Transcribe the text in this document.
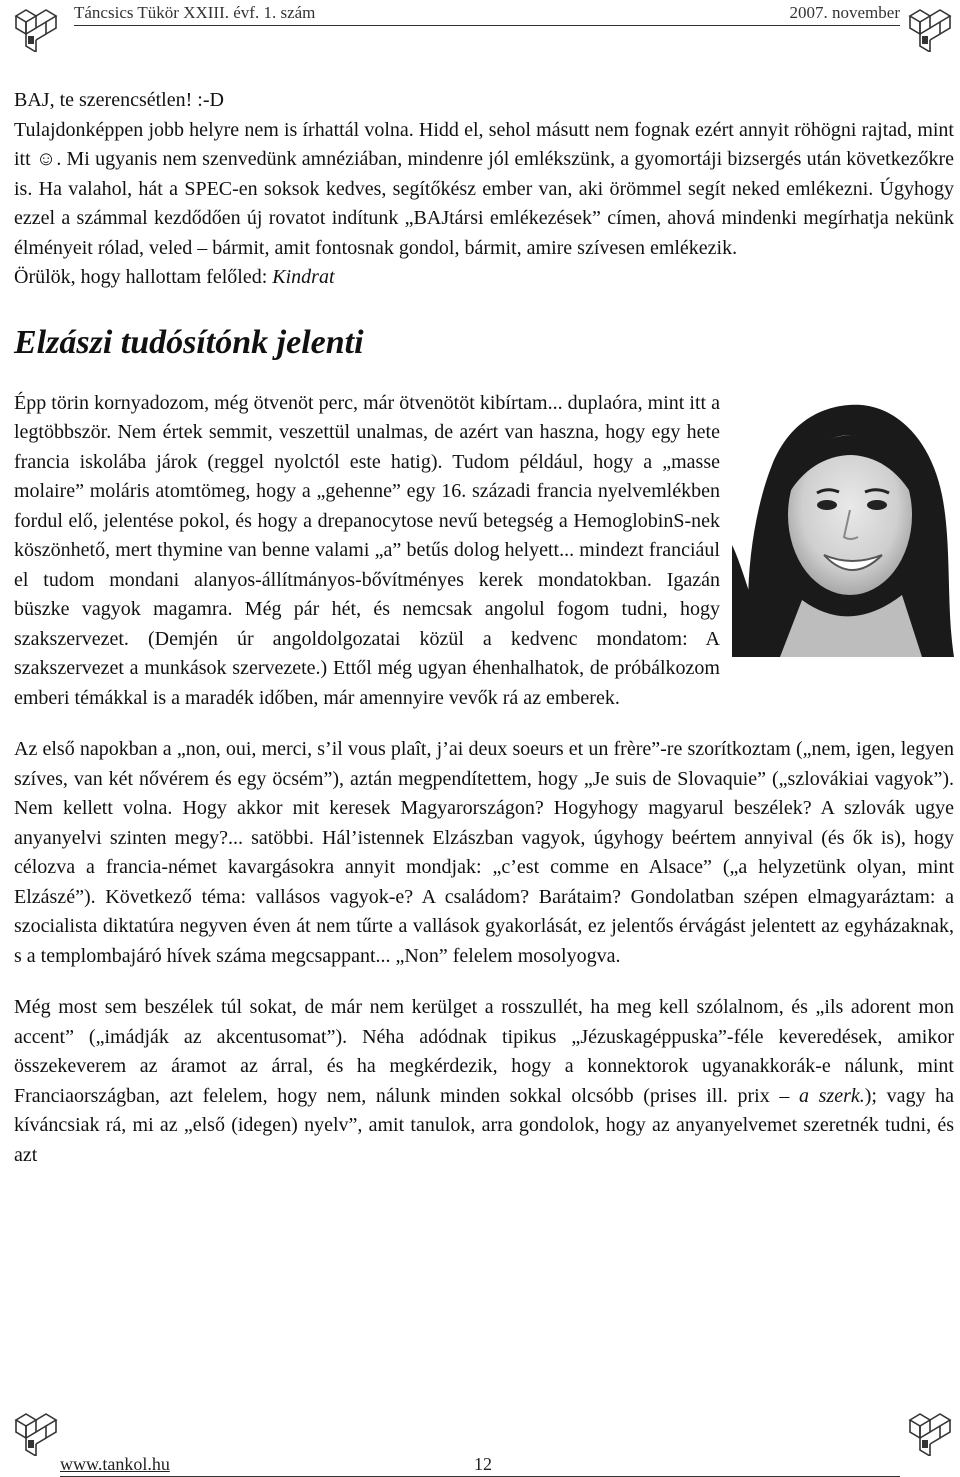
Táncsics Tükör XXIII. évf. 1. szám	2007. november

BAJ, te szerencsétlen! :-D

Tulajdonképpen jobb helyre nem is írhattál volna. Hidd el, sehol másutt nem fognak ezért annyit röhögni rajtad, mint itt ☺. Mi ugyanis nem szenvedünk amnéziában, mindenre jól emlékszünk, a gyomortáji bizsergés után következőkre is. Ha valahol, hát a SPEC-en soksok kedves, segítőkész ember van, aki örömmel segít neked emlékezni. Úgyhogy ezzel a számmal kezdődően új rovatot indítunk „BAJtársi emlékezések” címen, ahová mindenki megírhatja nekünk élményeit rólad, veled – bármit, amit fontosnak gondol, bármit, amire szívesen emlékezik.

Örülök, hogy hallottam felőled: Kindrat

Elzászi tudósítónk jelenti

Épp törin kornyadozom, még ötvenöt perc, már ötvenötöt kibírtam... duplaóra, mint itt a legtöbbször. Nem értek semmit, veszettül unalmas, de azért van haszna, hogy egy hete francia iskolába járok (reggel nyolctól este hatig). Tudom például, hogy a „masse molaire” moláris atomtömeg, hogy a „gehenne” egy 16. századi francia nyelvemlékben fordul elő, jelentése pokol, és hogy a drepanocytose nevű betegség a HemoglobinS-nek köszönhető, mert thymine van benne valami „a” betűs dolog helyett... mindezt franciául el tudom mondani alanyos-állítmányos-bővítményes kerek mondatokban. Igazán büszke vagyok magamra. Még pár hét, és nemcsak angolul fogom tudni, hogy szakszervezet. (Demjén úr angoldolgozatai közül a kedvenc mondatom: A szakszervezet a munkások szervezete.) Ettől még ugyan éhenhalhatok, de próbálkozom emberi témákkal is a maradék időben, már amennyire vevők rá az emberek.

Az első napokban a „non, oui, merci, s’il vous plaît, j’ai deux soeurs et un frère”-re szorítkoztam („nem, igen, legyen szíves, van két nővérem és egy öcsém”), aztán megpendítettem, hogy „Je suis de Slovaquie” („szlovákiai vagyok”). Nem kellett volna. Hogy akkor mit keresek Magyarországon? Hogyhogy magyarul beszélek? A szlovák ugye anyanyelvi szinten megy?... satöbbi. Hál’istennek Elzászban vagyok, úgyhogy beértem annyival (és ők is), hogy célozva a francia-német kavargásokra annyit mondjak: „c’est comme en Alsace” („a helyzetünk olyan, mint Elzászé”). Következő téma: vallásos vagyok-e? A családom? Barátaim? Gondolatban szépen elmagyaráztam: a szocialista diktatúra negyven éven át nem tűrte a vallások gyakorlását, ez jelentős érvágást jelentett az egyházaknak, s a templombajáró hívek száma megcsappant... „Non” felelem mosolyogva.

Még most sem beszélek túl sokat, de már nem kerülget a rosszullét, ha meg kell szólalnom, és „ils adorent mon accent” („imádják az akcentusomat”). Néha adódnak tipikus „Jézuskagéppuska”-féle keveredések, amikor összekeverem az áramot az árral, és ha megkérdezik, hogy a konnektorok ugyanakkorák-e nálunk, mint Franciaországban, azt felelem, hogy nem, nálunk minden sokkal olcsóbb (prises ill. prix – a szerk.); vagy ha kíváncsiak rá, mi az „első (idegen) nyelv”, amit tanulok, arra gondolok, hogy az anyanyelvemet szeretnék tudni, és azt

www.tankol.hu	12
